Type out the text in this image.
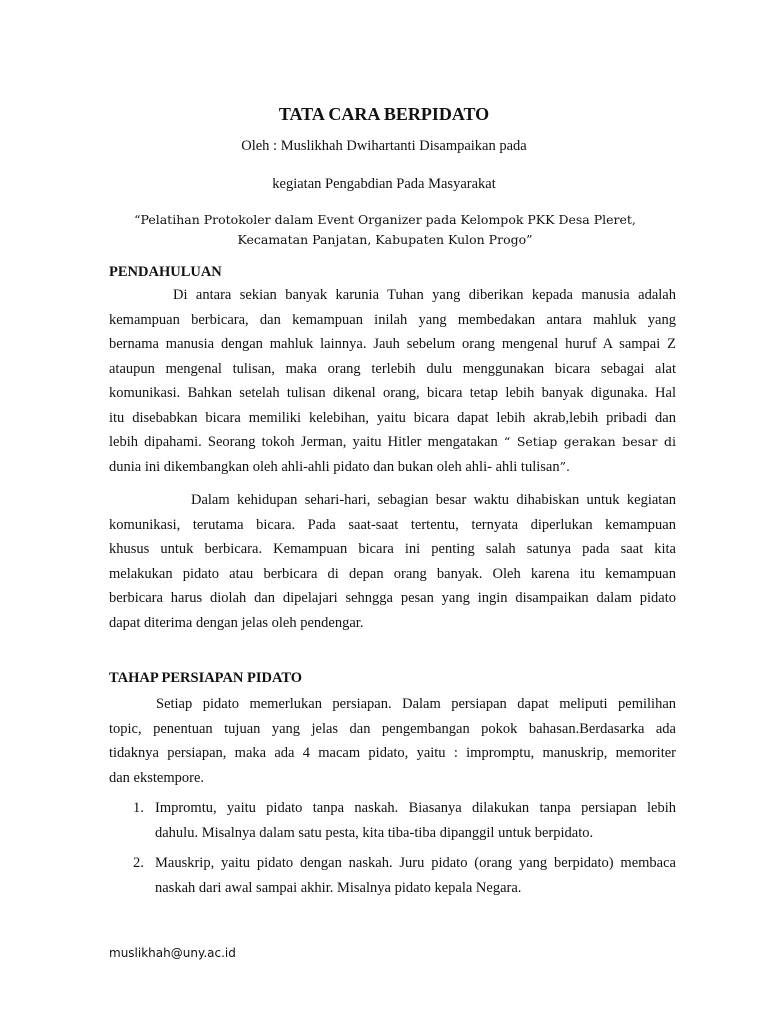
TATA CARA BERPIDATO
Oleh : Muslikhah Dwihartanti Disampaikan pada
kegiatan Pengabdian Pada Masyarakat
“Pelatihan Protokoler dalam Event Organizer pada Kelompok PKK Desa Pleret,
Kecamatan Panjatan, Kabupaten Kulon Progo”
PENDAHULUAN
Di antara sekian banyak karunia Tuhan yang diberikan kepada manusia adalah
kemampuan berbicara, dan kemampuan inilah yang membedakan antara mahluk yang
bernama manusia dengan mahluk lainnya. Jauh sebelum orang mengenal huruf A sampai Z
ataupun mengenal tulisan, maka orang terlebih dulu menggunakan bicara sebagai alat
komunikasi. Bahkan setelah tulisan dikenal orang, bicara tetap lebih banyak digunaka. Hal
itu disebabkan bicara memiliki kelebihan, yaitu bicara dapat lebih akrab,lebih pribadi dan
lebih dipahami. Seorang tokoh Jerman, yaitu Hitler mengatakan “ Setiap gerakan besar di
dunia ini dikembangkan oleh ahli-ahli pidato dan bukan oleh ahli- ahli tulisan”.
Dalam kehidupan sehari-hari, sebagian besar waktu dihabiskan untuk kegiatan
komunikasi, terutama bicara. Pada saat-saat tertentu, ternyata diperlukan kemampuan
khusus untuk berbicara. Kemampuan bicara ini penting salah satunya pada saat kita
melakukan pidato atau berbicara di depan orang banyak. Oleh karena itu kemampuan
berbicara harus diolah dan dipelajari sehngga pesan yang ingin disampaikan dalam pidato
dapat diterima dengan jelas oleh pendengar.
TAHAP PERSIAPAN PIDATO
Setiap pidato memerlukan persiapan. Dalam persiapan dapat meliputi pemilihan
topic, penentuan tujuan yang jelas dan pengembangan pokok bahasan.Berdasarka ada
tidaknya persiapan, maka ada 4 macam pidato, yaitu : impromptu, manuskrip, memoriter
dan ekstempore.
1. Impromtu, yaitu pidato tanpa naskah. Biasanya dilakukan tanpa persiapan lebih
dahulu. Misalnya dalam satu pesta, kita tiba-tiba dipanggil untuk berpidato.
2. Mauskrip, yaitu pidato dengan naskah. Juru pidato (orang yang berpidato) membaca
naskah dari awal sampai akhir. Misalnya pidato kepala Negara.
muslikhah@uny.ac.id
